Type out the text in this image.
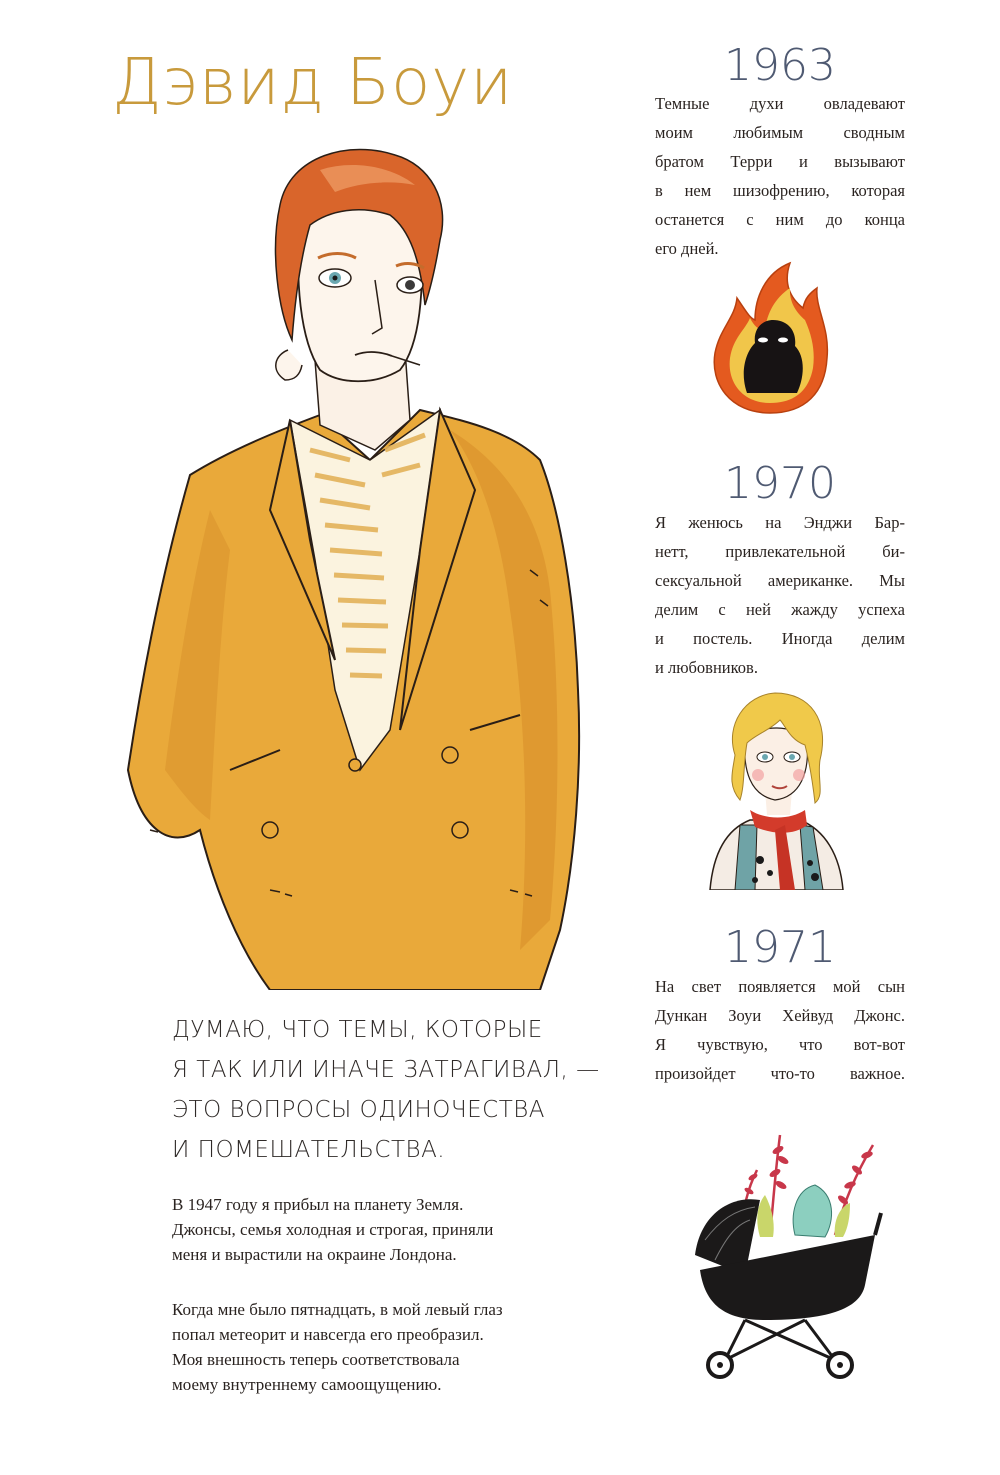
Дэвид Боуи
ДУМАЮ, ЧТО ТЕМЫ, КОТОРЫЕ
Я ТАК ИЛИ ИНАЧЕ ЗАТРАГИВАЛ, —
ЭТО ВОПРОСЫ ОДИНОЧЕСТВА
И ПОМЕШАТЕЛЬСТВА.
В 1947 году я прибыл на планету Земля.
Джонсы, семья холодная и строгая, приняли
меня и вырастили на окраине Лондона.
Когда мне было пятнадцать, в мой левый глаз
попал метеорит и навсегда его преобразил.
Моя внешность теперь соответствовала
моему внутреннему самоощущению.
1963
Темные духи овладевают
моим любимым сводным
братом Терри и вызывают
в нем шизофрению, которая
останется с ним до конца
его дней.
1970
Я женюсь на Энджи Бар-
нетт, привлекательной би-
сексуальной американке. Мы
делим с ней жажду успеха
и постель. Иногда делим
и любовников.
1971
На свет появляется мой сын
Дункан Зоуи Хейвуд Джонс.
Я чувствую, что вот-вот
произойдет что-то важное.
